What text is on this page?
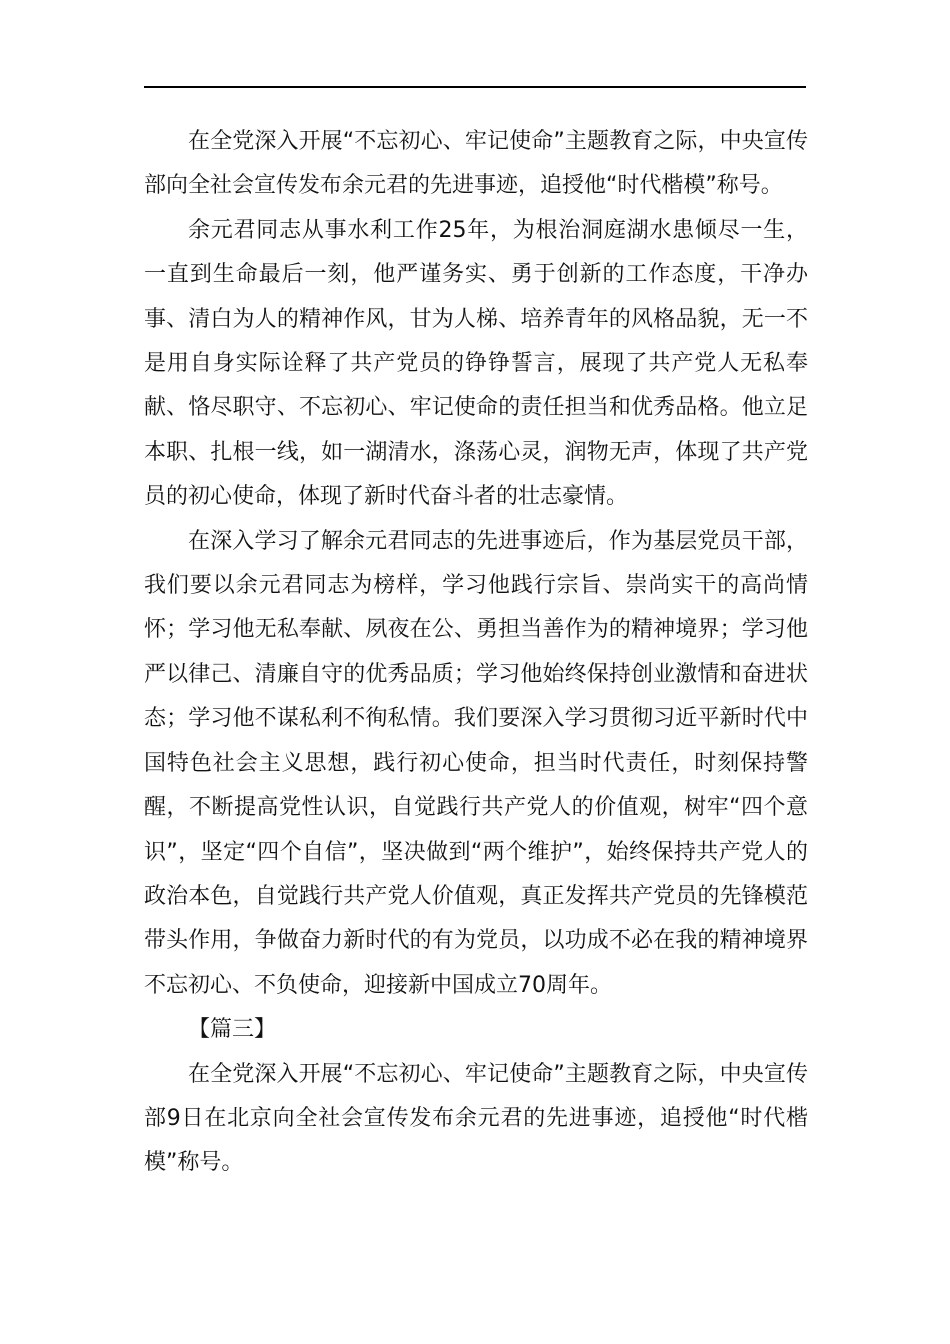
在全党深入开展“不忘初心、牢记使命”主题教育之际，中央宣传部向全社会宣传发布余元君的先进事迹，追授他“时代楷模”称号。

余元君同志从事水利工作25年，为根治洞庭湖水患倾尽一生，一直到生命最后一刻，他严谨务实、勇于创新的工作态度，干净办事、清白为人的精神作风，甘为人梯、培养青年的风格品貌，无一不是用自身实际诠释了共产党员的铮铮誓言，展现了共产党人无私奉献、恪尽职守、不忘初心、牢记使命的责任担当和优秀品格。他立足本职、扎根一线，如一湖清水，涤荡心灵，润物无声，体现了共产党员的初心使命，体现了新时代奋斗者的壮志豪情。

在深入学习了解余元君同志的先进事迹后，作为基层党员干部，我们要以余元君同志为榜样，学习他践行宗旨、崇尚实干的高尚情怀；学习他无私奉献、夙夜在公、勇担当善作为的精神境界；学习他严以律己、清廉自守的优秀品质；学习他始终保持创业激情和奋进状态；学习他不谋私利不徇私情。我们要深入学习贯彻习近平新时代中国特色社会主义思想，践行初心使命，担当时代责任，时刻保持警醒，不断提高党性认识，自觉践行共产党人的价值观，树牢“四个意识”，坚定“四个自信”，坚决做到“两个维护”，始终保持共产党人的政治本色，自觉践行共产党人价值观，真正发挥共产党员的先锋模范带头作用，争做奋力新时代的有为党员，以功成不必在我的精神境界不忘初心、不负使命，迎接新中国成立70周年。

【篇三】

在全党深入开展“不忘初心、牢记使命”主题教育之际，中央宣传部9日在北京向全社会宣传发布余元君的先进事迹，追授他“时代楷模”称号。
